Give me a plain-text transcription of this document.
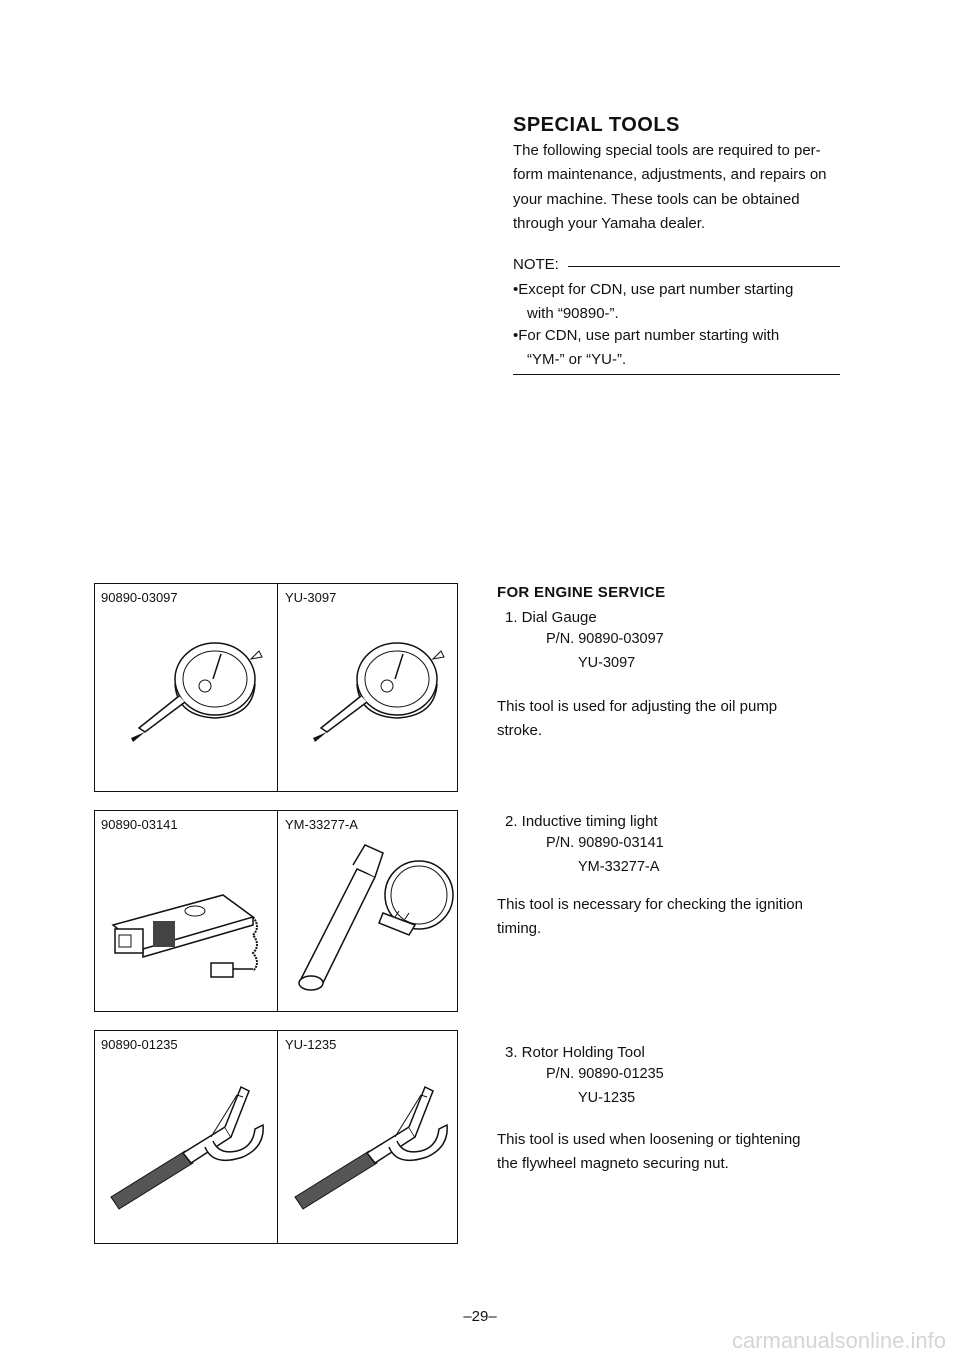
SPECIAL TOOLS
The following special tools are required to per-
form maintenance, adjustments, and repairs on
your machine. These tools can be obtained
through your Yamaha dealer.
NOTE:
•Except for CDN, use part number starting
with “90890-”.
•For CDN, use part number starting with
“YM-” or “YU-”.
90890-03097	YU-3097
90890-03141	YM-33277-A
90890-01235	YU-1235
FOR ENGINE SERVICE
1. Dial Gauge
P/N. 90890-03097
YU-3097
This tool is used for adjusting the oil pump
stroke.
2. Inductive timing light
P/N. 90890-03141
YM-33277-A
This tool is necessary for checking the ignition
timing.
3. Rotor Holding Tool
P/N. 90890-01235
YU-1235
This tool is used when loosening or tightening
the flywheel magneto securing nut.
–29–
carmanualsonline.info
